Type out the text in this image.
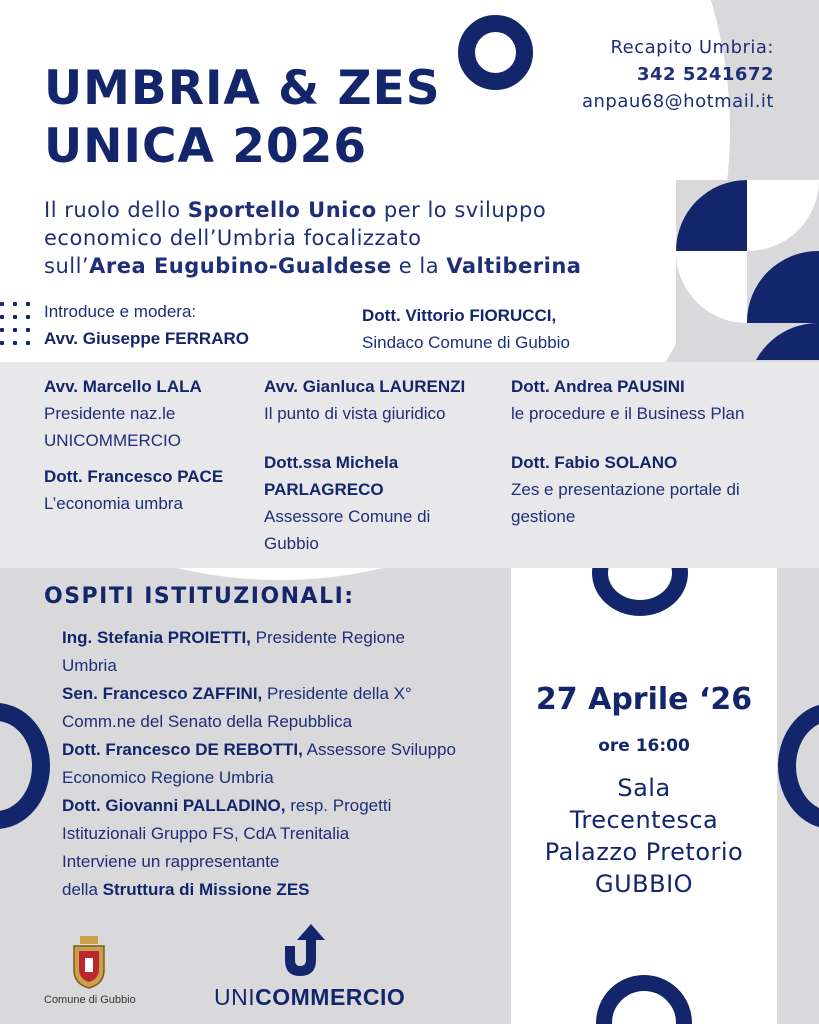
UMBRIA & ZES
UNICA 2026
Recapito Umbria:
342 5241672
anpau68@hotmail.it
Il ruolo dello Sportello Unico per lo sviluppo
economico dell’Umbria focalizzato
sull’Area Eugubino-Gualdese e la Valtiberina
Introduce e modera:
Avv. Giuseppe FERRARO
Dott. Vittorio FIORUCCI,
Sindaco Comune di Gubbio
Avv. Marcello LALA
Presidente naz.le
UNICOMMERCIO
Avv. Gianluca LAURENZI
Il punto di vista giuridico
Dott. Andrea PAUSINI
le procedure e il Business Plan
Dott. Francesco PACE
L’economia umbra
Dott.ssa Michela
PARLAGRECO
Assessore Comune di
Gubbio
Dott. Fabio SOLANO
Zes e presentazione portale di
gestione
OSPITI ISTITUZIONALI:
Ing. Stefania PROIETTI, Presidente Regione
Umbria
Sen. Francesco ZAFFINI, Presidente della X°
Comm.ne del Senato della Repubblica
Dott. Francesco DE REBOTTI, Assessore Sviluppo
Economico Regione Umbria
Dott. Giovanni PALLADINO, resp. Progetti
Istituzionali Gruppo FS, CdA Trenitalia
Interviene un rappresentante
della Struttura di Missione ZES
27 Aprile ‘26
ore 16:00
Sala
Trecentesca
Palazzo Pretorio
GUBBIO
Comune di Gubbio	UNICOMMERCIO
